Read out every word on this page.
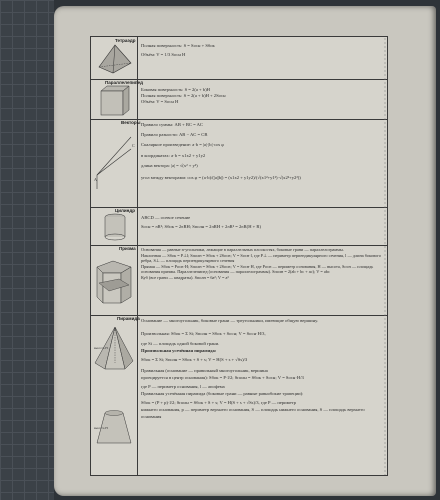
Тетраэдр

Полная поверхность: S = Sосн + Sбок

Объём: V = 1/3 Sосн H

Параллелепипед

Боковая поверхность: S = 2(a + b)H

Полная поверхность: S = 2(a + b)H + 2Sосн

Объём: V = Sосн H

A
C
Векторы Правило суммы: AB + BC = AC

Правило разности: AB − AC = CB

Скалярное произведение: a·b = |a|·|b|·cos φ

в координатах: a·b = x1x2 + y1y2

длина вектора: |a| = √(x² + y²)

угол между векторами: cos φ = (a·b)/(|a||b|) = (x1x2 + y1y2)/(√(x1²+y1²)·√(x2²+y2²))

Цилиндр

ABCD — осевое сечение

Sосн = πR²; Sбок = 2πRH; Sполн = 2πRH + 2πR² = 2πR(H + R)

Призма Основания — равные n-угольники, лежащие в параллельных плоскостях, боковые грани — параллелограммы.

Наклонная — Sбок = P⊥l; Sполн = Sбок + 2Sосн; V = Sосн·l, где P⊥ — периметр перпендикулярного сечения, l — длина бокового ребра, S⊥ — площадь перпендикулярного сечения

Прямая — Sбок = Pосн·H; Sполн = Sбок + 2Sосн; V = Sосн·H, где Pосн — периметр основания, H — высота, Sосн — площадь основания призмы. Параллелепипед (основания — параллелограммы). Sполн = 2(ab + bc + ac); V = abc

Куб (все грани — квадраты). Sполн = 6a²; V = a³

высота H
высота H
Пирамида Основание — многоугольник, боковые грани — треугольники, имеющие общую вершину.

Произвольная: Sбок = Σ Si; Sполн = Sбок + Sосн; V = Sосн·H/3,

где Si — площадь одной боковой грани.

Произвольная усечённая пирамида:

Sбок = Σ Si; Sполн = Sбок + S + s; V = H(S + s + √Ss)/3

Правильная (основание — правильный многоугольник, вершина

проецируется в центр основания): Sбок = P·l/2; Sполн = Sбок + Sосн; V = Sосн·H/3

где P — периметр основания, l — апофема

Правильная усечённая пирамида (боковые грани — равные равнобокие трапеции):

Sбок = (P + p)·l/2; Sполн = Sбок + S + s; V = H(S + s + √Ss)/3, где P — периметр

нижнего основания, p — периметр верхнего основания, S — площадь нижнего основания, S — площадь верхнего основания
